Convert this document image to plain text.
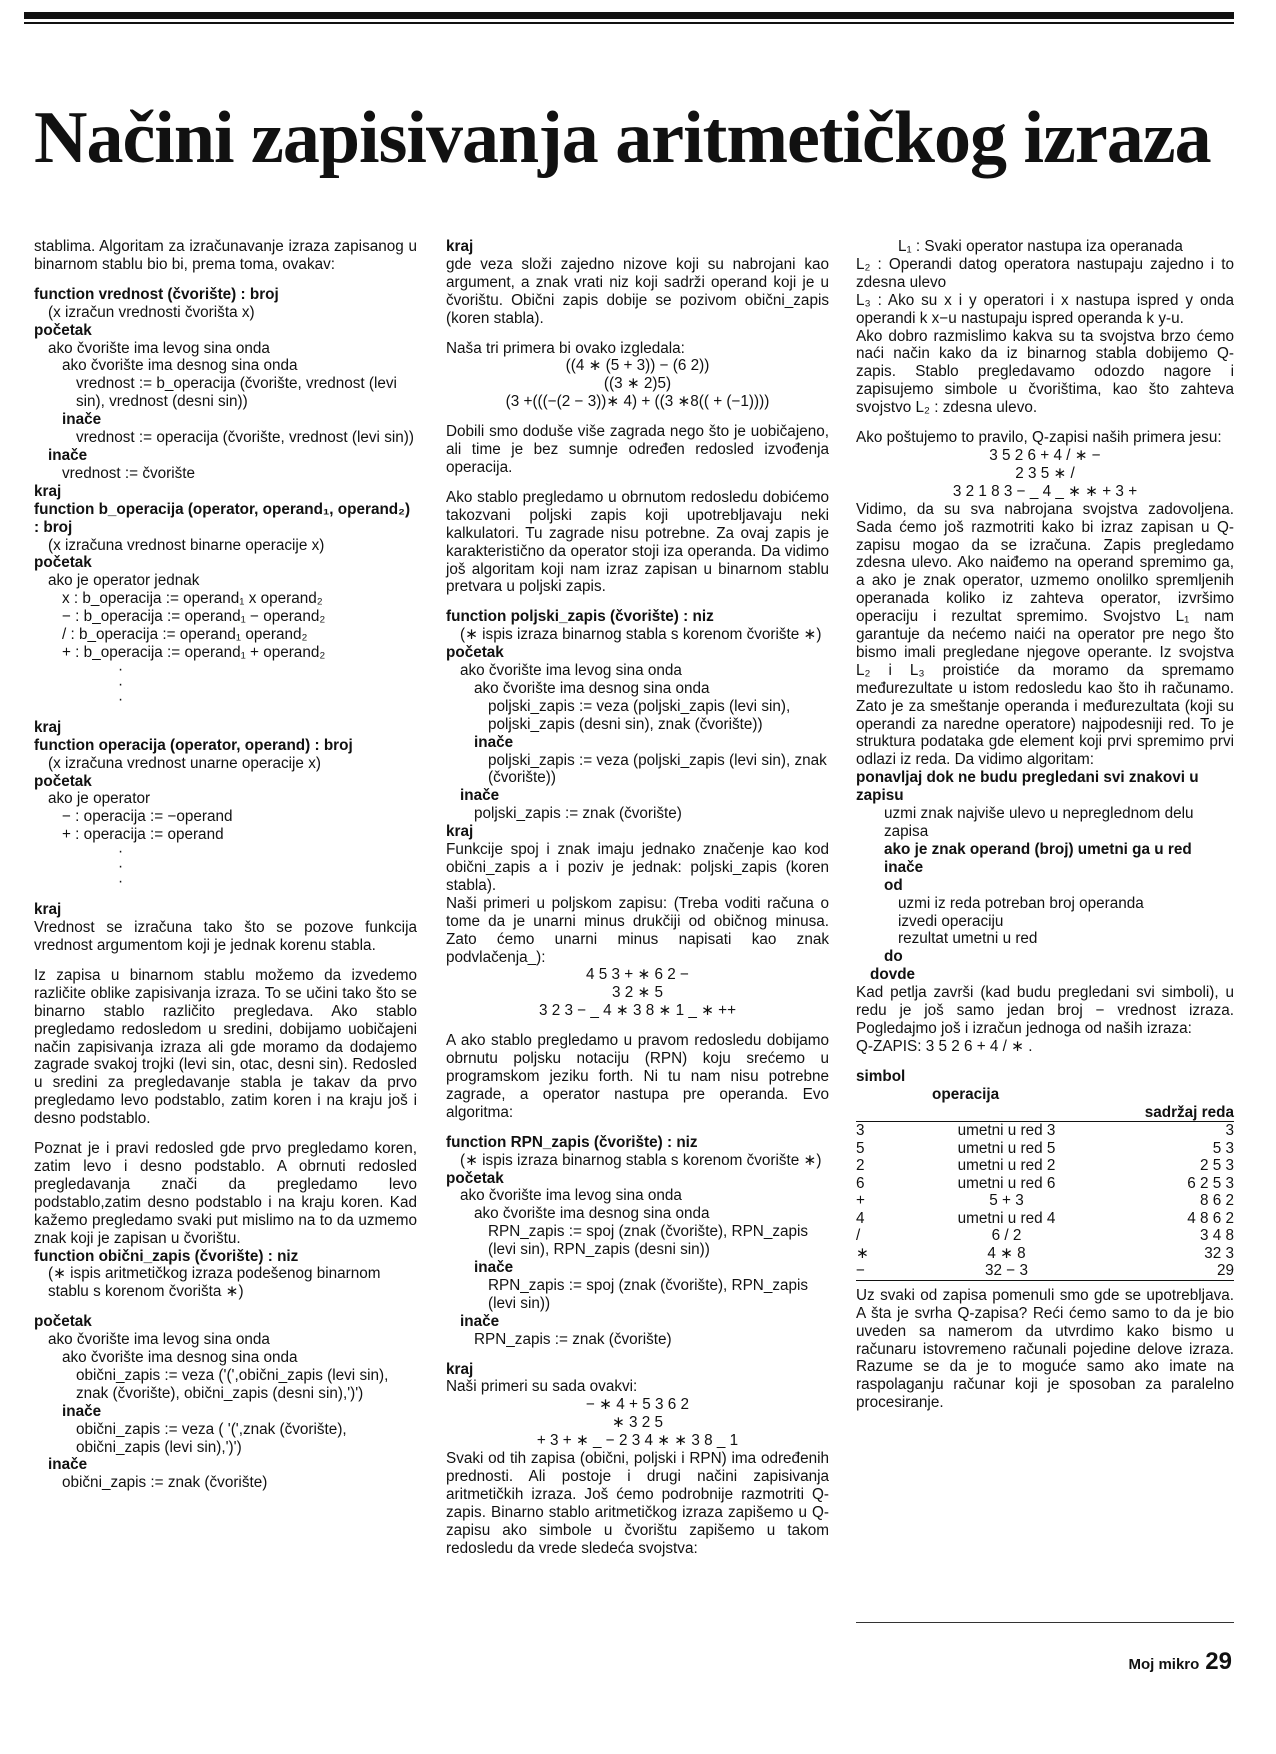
Načini zapisivanja aritmetičkog izraza

stablima. Algoritam za izračunavanje izraza zapisanog u binarnom stablu bio bi, prema toma, ovakav:

function vrednost (čvorište) : broj

(x izračun vrednosti čvorišta x)

početak

ako čvorište ima levog sina onda

ako čvorište ima desnog sina onda

vrednost := b_operacija (čvorište, vrednost (levi sin), vrednost (desni sin))

inače

vrednost := operacija (čvorište, vrednost (levi sin))

inače

vrednost := čvorište

kraj

function b_operacija (operator, operand₁, operand₂) : broj

(x izračuna vrednost binarne operacije x)

početak

ako je operator jednak

x : b_operacija := operand₁ x operand₂

− : b_operacija := operand₁ − operand₂

/ : b_operacija := operand₁ operand₂

+ : b_operacija := operand₁ + operand₂

·

·

·

kraj

function operacija (operator, operand) : broj

(x izračuna vrednost unarne operacije x)

početak

ako je operator

− : operacija := −operand

+ : operacija := operand

·

·

·

kraj

Vrednost se izračuna tako što se pozove funkcija vrednost argumentom koji je jednak korenu stabla.

Iz zapisa u binarnom stablu možemo da izvedemo različite oblike zapisivanja izraza. To se učini tako što se binarno stablo različito pregledava. Ako stablo pregledamo redosledom u sredini, dobijamo uobičajeni način zapisivanja izraza ali gde moramo da dodajemo zagrade svakoj trojki (levi sin, otac, desni sin). Redosled u sredini za pregledavanje stabla je takav da prvo pregledamo levo podstablo, zatim koren i na kraju još i desno podstablo.

Poznat je i pravi redosled gde prvo pregledamo koren, zatim levo i desno podstablo. A obrnuti redosled pregledavanja znači da pregledamo levo podstablo,zatim desno podstablo i na kraju koren. Kad kažemo pregledamo svaki put mislimo na to da uzmemo znak koji je zapisan u čvorištu.

function obični_zapis (čvorište) : niz

(∗ ispis aritmetičkog izraza podešenog binarnom stablu s korenom čvorišta ∗)

početak

ako čvorište ima levog sina onda

ako čvorište ima desnog sina onda

obični_zapis := veza ('(',obični_zapis (levi sin), znak (čvorište), obični_zapis (desni sin),')')

inače

obični_zapis := veza ( '(',znak (čvorište), obični_zapis (levi sin),')')

inače

obični_zapis := znak (čvorište)

kraj

gde veza složi zajedno nizove koji su nabrojani kao argument, a znak vrati niz koji sadrži operand koji je u čvorištu. Obični zapis dobije se pozivom obični_zapis (koren stabla).

Naša tri primera bi ovako izgledala:

((4 ∗ (5 + 3)) − (6 2))

((3 ∗ 2)5)

(3 +(((−(2 − 3))∗ 4) + ((3 ∗8(( + (−1))))

Dobili smo doduše više zagrada nego što je uobičajeno, ali time je bez sumnje određen redosled izvođenja operacija.

Ako stablo pregledamo u obrnutom redosledu dobićemo takozvani poljski zapis koji upotrebljavaju neki kalkulatori. Tu zagrade nisu potrebne. Za ovaj zapis je karakteristično da operator stoji iza operanda. Da vidimo još algoritam koji nam izraz zapisan u binarnom stablu pretvara u poljski zapis.

function poljski_zapis (čvorište) : niz

(∗ ispis izraza binarnog stabla s korenom čvorište ∗)

početak

ako čvorište ima levog sina onda

ako čvorište ima desnog sina onda

poljski_zapis := veza (poljski_zapis (levi sin), poljski_zapis (desni sin), znak (čvorište))

inače

poljski_zapis := veza (poljski_zapis (levi sin), znak (čvorište))

inače

poljski_zapis := znak (čvorište)

kraj

Funkcije spoj i znak imaju jednako značenje kao kod obični_zapis a i poziv je jednak: poljski_zapis (koren stabla).

Naši primeri u poljskom zapisu: (Treba voditi računa o tome da je unarni minus drukčiji od običnog minusa. Zato ćemo unarni minus napisati kao znak podvlačenja_):

4 5 3 + ∗ 6 2 −

3 2 ∗ 5

3 2 3 − _ 4 ∗ 3 8 ∗ 1 _ ∗ ++

A ako stablo pregledamo u pravom redosledu dobijamo obrnutu poljsku notaciju (RPN) koju srećemo u programskom jeziku forth. Ni tu nam nisu potrebne zagrade, a operator nastupa pre operanda. Evo algoritma:

function RPN_zapis (čvorište) : niz

(∗ ispis izraza binarnog stabla s korenom čvorište ∗)

početak

ako čvorište ima levog sina onda

ako čvorište ima desnog sina onda

RPN_zapis := spoj (znak (čvorište), RPN_zapis (levi sin), RPN_zapis (desni sin))

inače

RPN_zapis := spoj (znak (čvorište), RPN_zapis (levi sin))

inače

RPN_zapis := znak (čvorište)

kraj

Naši primeri su sada ovakvi:

− ∗ 4 + 5 3 6 2

∗ 3 2 5

+ 3 + ∗ _ − 2 3 4 ∗ ∗ 3 8 _ 1

Svaki od tih zapisa (obični, poljski i RPN) ima određenih prednosti. Ali postoje i drugi načini zapisivanja aritmetičkih izraza. Još ćemo podrobnije razmotriti Q-zapis. Binarno stablo aritmetičkog izraza zapišemo u Q-zapisu ako simbole u čvorištu zapišemo u takom redosledu da vrede sledeća svojstva:

L₁ : Svaki operator nastupa iza operanada

L₂ : Operandi datog operatora nastupaju zajedno i to zdesna ulevo

L₃ : Ako su x i y operatori i x nastupa ispred y onda operandi k x−u nastupaju ispred operanda k y-u.

Ako dobro razmislimo kakva su ta svojstva brzo ćemo naći način kako da iz binarnog stabla dobijemo Q-zapis. Stablo pregledavamo odozdo nagore i zapisujemo simbole u čvorištima, kao što zahteva svojstvo L₂ : zdesna ulevo.

Ako poštujemo to pravilo, Q-zapisi naših primera jesu:

3 5 2 6 + 4 / ∗ −

2 3 5 ∗ /

3 2 1 8 3 − _ 4 _ ∗ ∗ + 3 +

Vidimo, da su sva nabrojana svojstva zadovoljena. Sada ćemo još razmotriti kako bi izraz zapisan u Q-zapisu mogao da se izračuna. Zapis pregledamo zdesna ulevo. Ako naiđemo na operand spremimo ga, a ako je znak operator, uzmemo onolilko spremljenih operanada koliko iz zahteva operator, izvršimo operaciju i rezultat spremimo. Svojstvo L₁ nam garantuje da nećemo naići na operator pre nego što bismo imali pregledane njegove operante. Iz svojstva L₂ i L₃ proistiće da moramo da spremamo međurezultate u istom redosledu kao što ih računamo. Zato je za smeštanje operanda i međurezultata (koji su operandi za naredne operatore) najpodesniji red. To je struktura podataka gde element koji prvi spremimo prvi odlazi iz reda. Da vidimo algoritam:

ponavljaj dok ne budu pregledani svi znakovi u zapisu

uzmi znak najviše ulevo u nepreglednom delu zapisa

ako je znak operand (broj) umetni ga u red

inače

od

uzmi iz reda potreban broj operanda

izvedi operaciju

rezultat umetni u red

do

dovde

Kad petlja završi (kad budu pregledani svi simboli), u redu je još samo jedan broj − vrednost izraza. Pogledajmo još i izračun jednoga od naših izraza:

Q-ZAPIS: 3 5 2 6 + 4 / ∗ .

simbol		
	operacija	
		sadržaj reda
3	umetni u red 3	3
5	umetni u red 5	5 3
2	umetni u red 2	2 5 3
6	umetni u red 6	6 2 5 3
+	5 + 3	8 6 2
4	umetni u red 4	4 8 6 2
/	6 / 2	3 4 8
∗	4 ∗ 8	32 3
−	32 − 3	29

Uz svaki od zapisa pomenuli smo gde se upotrebljava. A šta je svrha Q-zapisa? Reći ćemo samo to da je bio uveden sa namerom da utvrdimo kako bismo u računaru istovremeno računali pojedine delove izraza. Razume se da je to moguće samo ako imate na raspolaganju računar koji je sposoban za paralelno procesiranje.

Moj mikro 29
